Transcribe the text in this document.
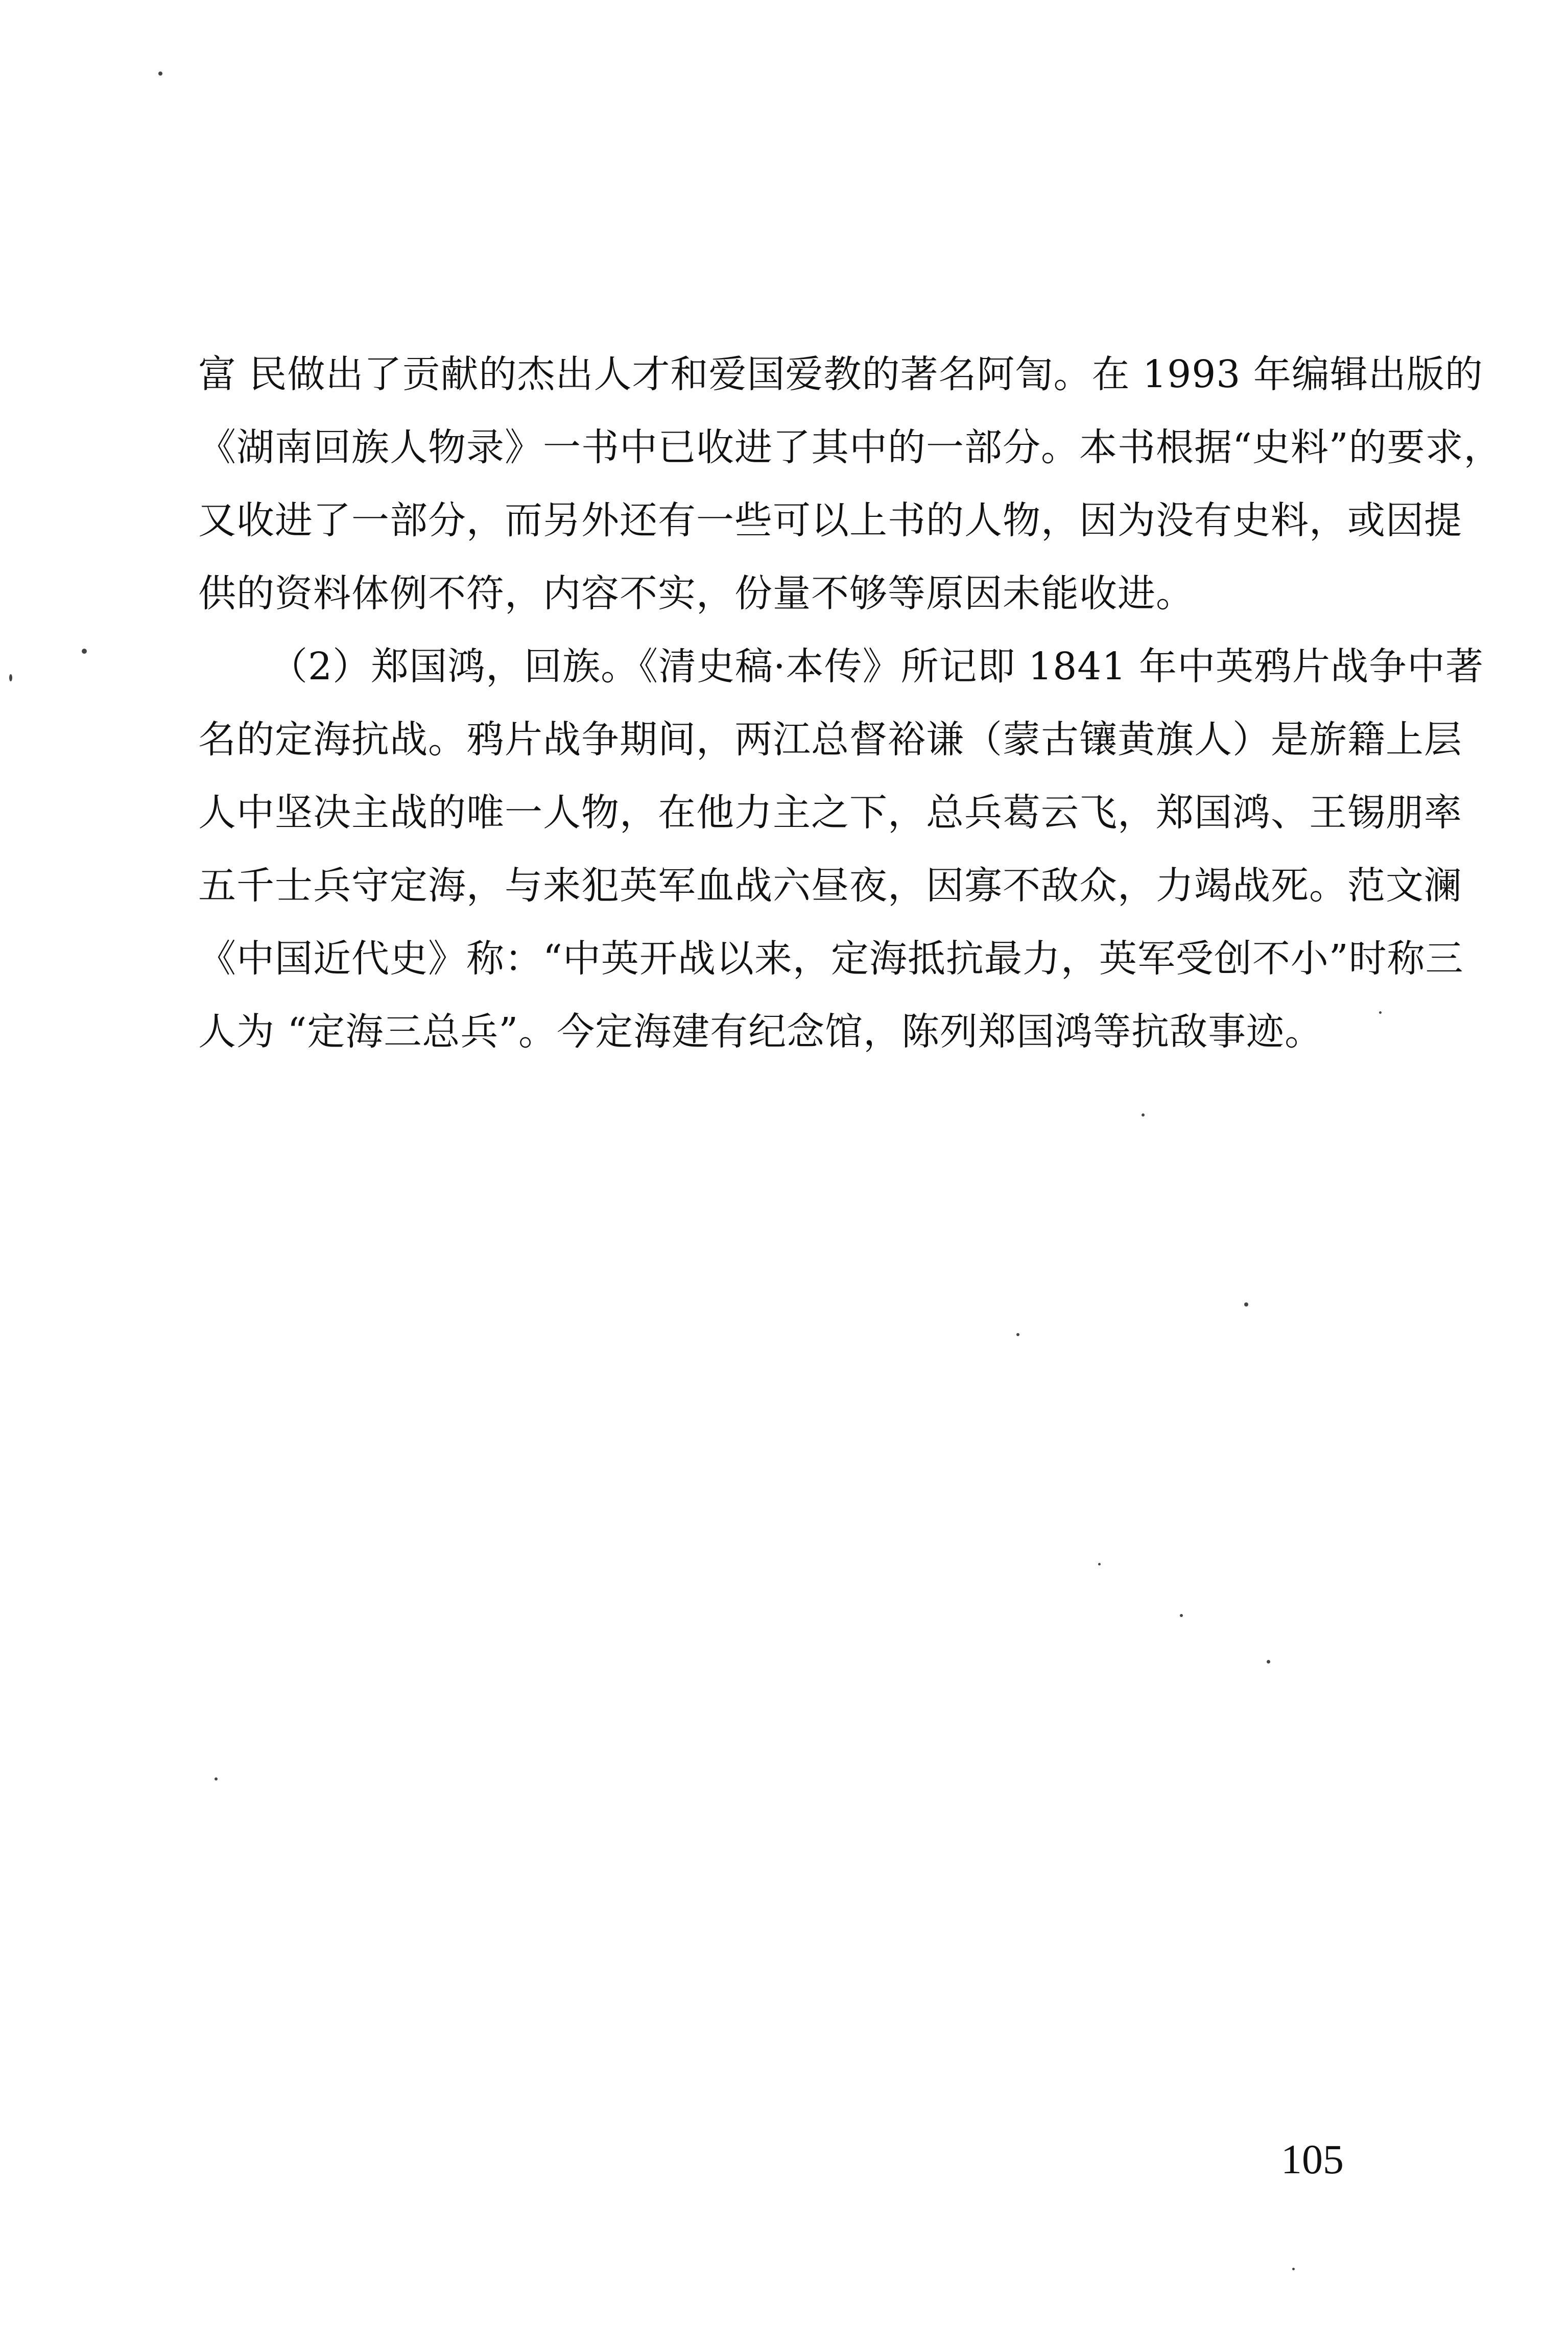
富 民做出了贡献的杰出人才和爱国爱教的著名阿訇。在 1993 年编辑出版的
《湖南回族人物录》一书中已收进了其中的一部分。本书根据“史料”的要求，
又收进了一部分，而另外还有一些可以上书的人物，因为没有史料，或因提
供的资料体例不符，内容不实，份量不够等原因未能收进。
（2）郑国鸿，回族。《清史稿·本传》所记即 1841 年中英鸦片战争中著
名的定海抗战。鸦片战争期间，两江总督裕谦（蒙古镶黄旗人）是旂籍上层
人中坚决主战的唯一人物，在他力主之下，总兵葛云飞，郑国鸿、王锡朋率
五千士兵守定海，与来犯英军血战六昼夜，因寡不敌众，力竭战死。范文澜
《中国近代史》称：“中英开战以来，定海抵抗最力，英军受创不小”时称三
人为 “定海三总兵”。今定海建有纪念馆，陈列郑国鸿等抗敌事迹。
105
